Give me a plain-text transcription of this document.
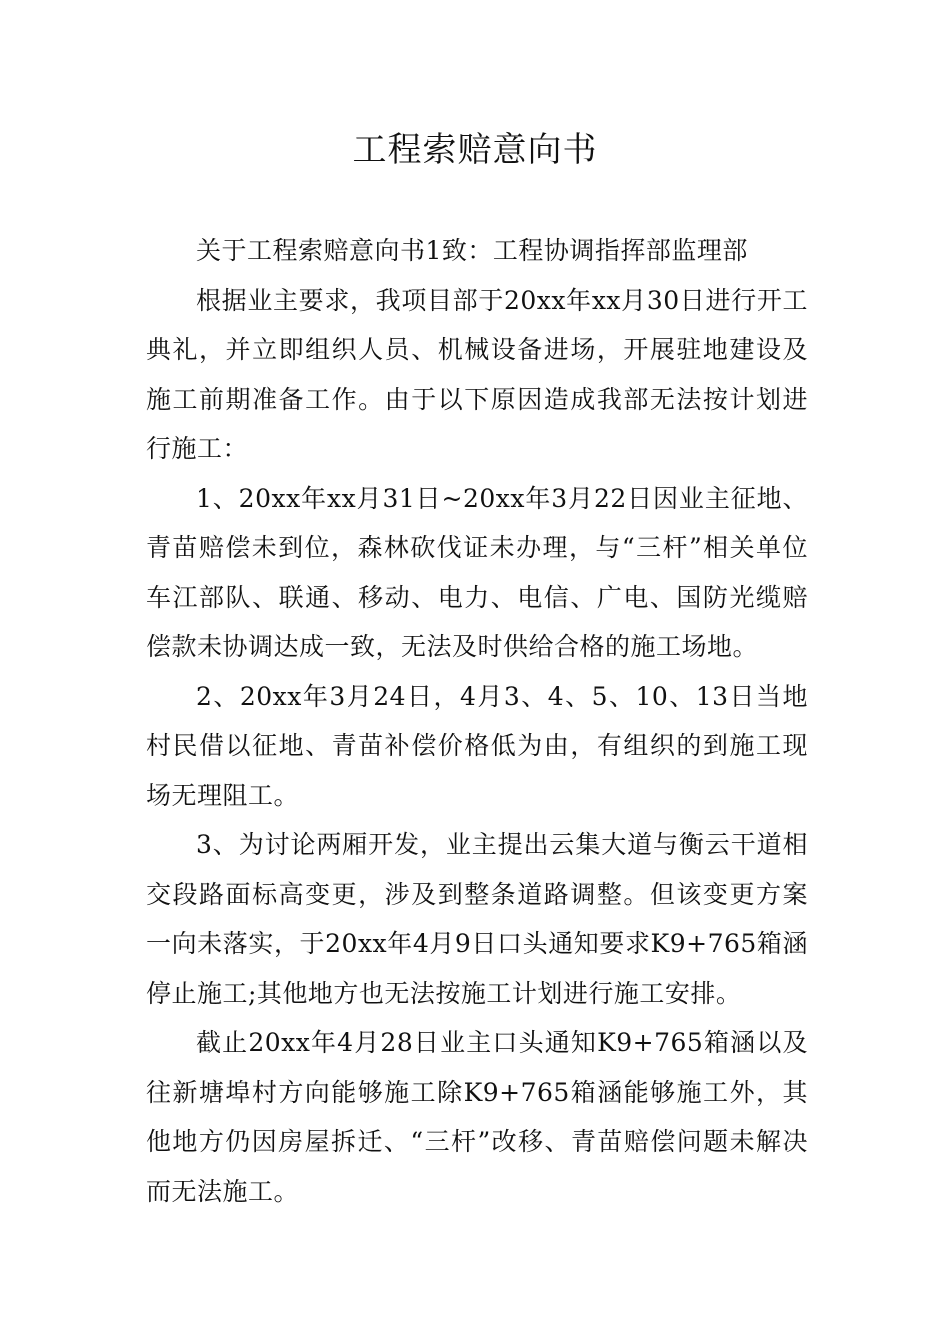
工程索赔意向书

关于工程索赔意向书1致：工程协调指挥部监理部

根据业主要求，我项目部于20xx年xx月30日进行开工典礼，并立即组织人员、机械设备进场，开展驻地建设及施工前期准备工作。由于以下原因造成我部无法按计划进行施工：

1、20xx年xx月31日~20xx年3月22日因业主征地、青苗赔偿未到位，森林砍伐证未办理，与“三杆”相关单位车江部队、联通、移动、电力、电信、广电、国防光缆赔偿款未协调达成一致，无法及时供给合格的施工场地。

2、20xx年3月24日，4月3、4、5、10、13日当地村民借以征地、青苗补偿价格低为由，有组织的到施工现场无理阻工。

3、为讨论两厢开发，业主提出云集大道与衡云干道相交段路面标高变更，涉及到整条道路调整。但该变更方案一向未落实，于20xx年4月9日口头通知要求K9+765箱涵停止施工;其他地方也无法按施工计划进行施工安排。

截止20xx年4月28日业主口头通知K9+765箱涵以及往新塘埠村方向能够施工除K9+765箱涵能够施工外，其他地方仍因房屋拆迁、“三杆”改移、青苗赔偿问题未解决而无法施工。
